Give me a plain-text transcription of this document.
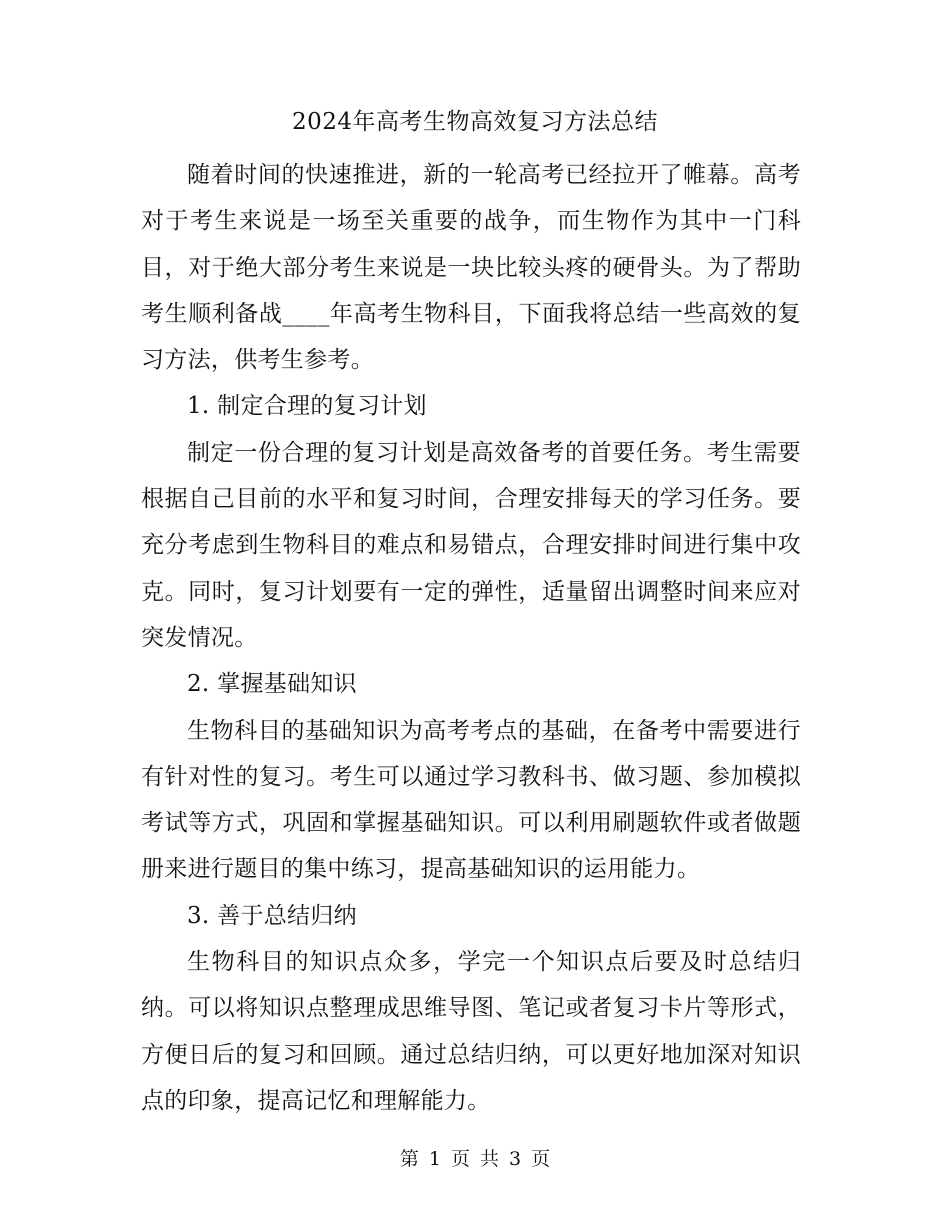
2024年高考生物高效复习方法总结

随着时间的快速推进，新的一轮高考已经拉开了帷幕。高考对于考生来说是一场至关重要的战争，而生物作为其中一门科目，对于绝大部分考生来说是一块比较头疼的硬骨头。为了帮助考生顺利备战____年高考生物科目，下面我将总结一些高效的复习方法，供考生参考。

1. 制定合理的复习计划

制定一份合理的复习计划是高效备考的首要任务。考生需要根据自己目前的水平和复习时间，合理安排每天的学习任务。要充分考虑到生物科目的难点和易错点，合理安排时间进行集中攻克。同时，复习计划要有一定的弹性，适量留出调整时间来应对突发情况。

2. 掌握基础知识

生物科目的基础知识为高考考点的基础，在备考中需要进行有针对性的复习。考生可以通过学习教科书、做习题、参加模拟考试等方式，巩固和掌握基础知识。可以利用刷题软件或者做题册来进行题目的集中练习，提高基础知识的运用能力。

3. 善于总结归纳

生物科目的知识点众多，学完一个知识点后要及时总结归纳。可以将知识点整理成思维导图、笔记或者复习卡片等形式，方便日后的复习和回顾。通过总结归纳，可以更好地加深对知识点的印象，提高记忆和理解能力。

第 1 页 共 3 页
